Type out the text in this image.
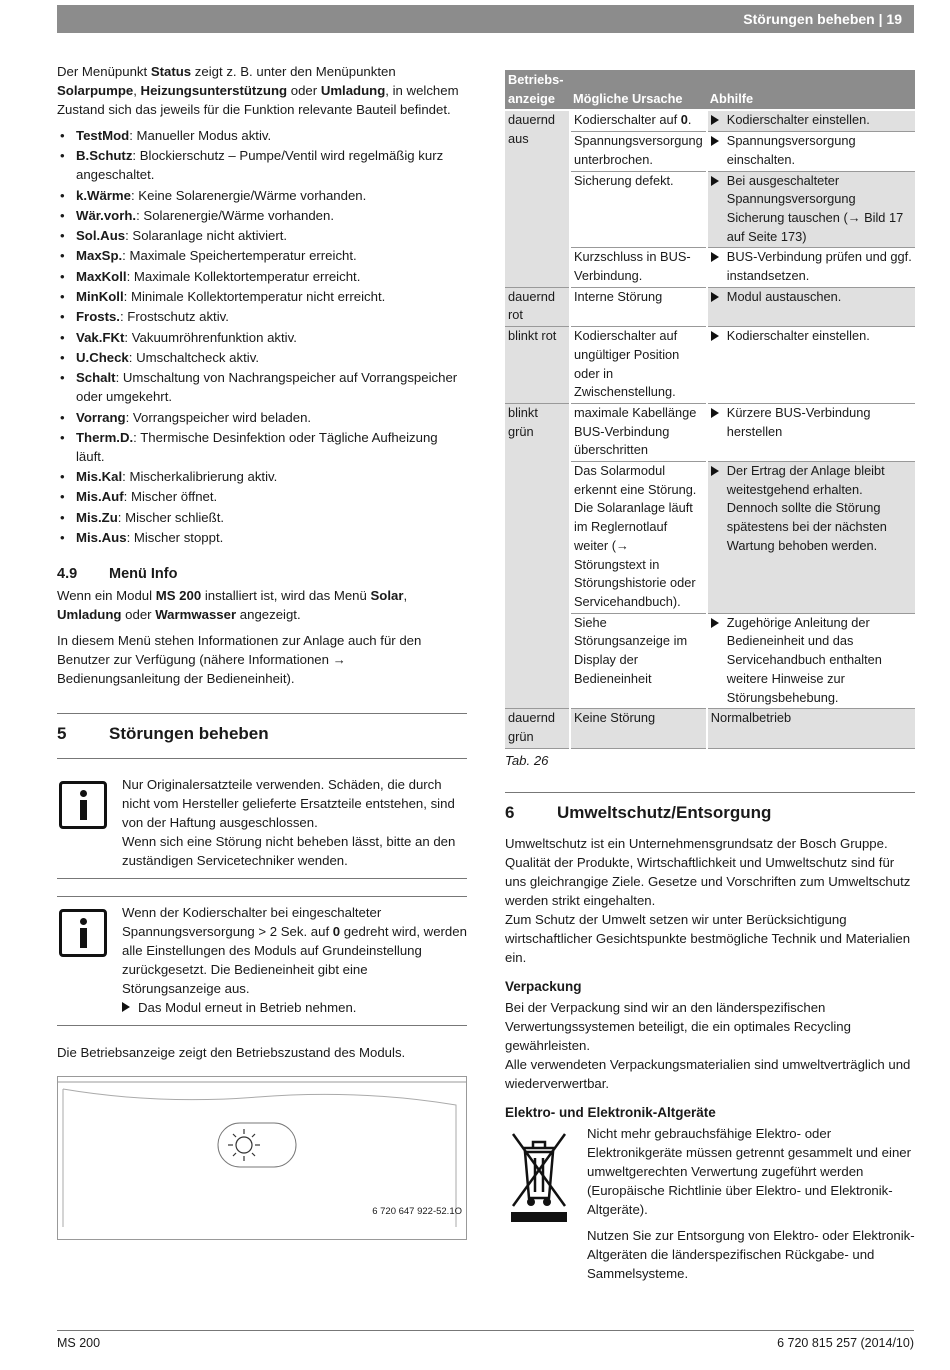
Störungen beheben | 19

Der Menüpunkt Status zeigt z. B. unter den Menüpunkten Solarpumpe, Heizungsunterstützung oder Umladung, in welchem Zustand sich das jeweils für die Funktion relevante Bauteil befindet.

• TestMod: Manueller Modus aktiv.
• B.Schutz: Blockierschutz – Pumpe/Ventil wird regelmäßig kurz angeschaltet.
• k.Wärme: Keine Solarenergie/Wärme vorhanden.
• Wär.vorh.: Solarenergie/Wärme vorhanden.
• Sol.Aus: Solaranlage nicht aktiviert.
• MaxSp.: Maximale Speichertemperatur erreicht.
• MaxKoll: Maximale Kollektortemperatur erreicht.
• MinKoll: Minimale Kollektortemperatur nicht erreicht.
• Frosts.: Frostschutz aktiv.
• Vak.FKt: Vakuumröhrenfunktion aktiv.
• U.Check: Umschaltcheck aktiv.
• Schalt: Umschaltung von Nachrangspeicher auf Vorrangspeicher oder umgekehrt.
• Vorrang: Vorrangspeicher wird beladen.
• Therm.D.: Thermische Desinfektion oder Tägliche Aufheizung läuft.
• Mis.Kal: Mischerkalibrierung aktiv.
• Mis.Auf: Mischer öffnet.
• Mis.Zu: Mischer schließt.
• Mis.Aus: Mischer stoppt.
4.9 Menü Info

Wenn ein Modul MS 200 installiert ist, wird das Menü Solar, Umladung oder Warmwasser angezeigt.

In diesem Menü stehen Informationen zur Anlage auch für den Benutzer zur Verfügung (nähere Informationen → Bedienungsanleitung der Bedieneinheit).

5	Störungen beheben
Nur Originalersatzteile verwenden. Schäden, die durch nicht vom Hersteller gelieferte Ersatzteile entstehen, sind von der Haftung ausgeschlossen.
Wenn sich eine Störung nicht beheben lässt, bitte an den zuständigen Servicetechniker wenden.
Wenn der Kodierschalter bei eingeschalteter Spannungsversorgung > 2 Sek. auf 0 gedreht wird, werden alle Einstellungen des Moduls auf Grundeinstellung zurückgesetzt. Die Bedieneinheit gibt eine Störungsanzeige aus.
Das Modul erneut in Betrieb nehmen.

Die Betriebsanzeige zeigt den Betriebszustand des Moduls.

6 720 647 922-52.1O
Betriebs-
anzeige	Mögliche Ursache	Abhilfe
dauernd aus	Kodierschalter auf 0.	Kodierschalter einstellen.

	Spannungsversorgung unterbrochen.	Spannungsversorgung einschalten.

	Sicherung defekt.	Bei ausgeschalteter Spannungsversorgung Sicherung tauschen (→ Bild 17 auf Seite 173)

	Kurzschluss in BUS-Verbindung.	BUS-Verbindung prüfen und ggf. instandsetzen.

dauernd rot	Interne Störung	Modul austauschen.

blinkt rot	Kodierschalter auf ungültiger Position oder in Zwischenstellung.	Kodierschalter einstellen.

blinkt grün	maximale Kabellänge BUS-Verbindung überschritten	Kürzere BUS-Verbindung herstellen

	Das Solarmodul erkennt eine Störung. Die Solaranlage läuft im Reglernotlauf weiter (→ Störungstext in Störungshistorie oder Servicehandbuch).	Der Ertrag der Anlage bleibt weitestgehend erhalten. Dennoch sollte die Störung spätestens bei der nächsten Wartung behoben werden.

	Siehe Störungsanzeige im Display der Bedieneinheit	Zugehörige Anleitung der Bedieneinheit und das Servicehandbuch enthalten weitere Hinweise zur Störungsbehebung.

dauernd grün	Keine Störung	Normalbetrieb
Tab. 26
6	Umweltschutz/Entsorgung

Umweltschutz ist ein Unternehmensgrundsatz der Bosch Gruppe. Qualität der Produkte, Wirtschaftlichkeit und Umweltschutz sind für uns gleichrangige Ziele. Gesetze und Vorschriften zum Umweltschutz werden strikt eingehalten.

Zum Schutz der Umwelt setzen wir unter Berücksichtigung wirtschaftlicher Gesichtspunkte bestmögliche Technik und Materialien ein.

Verpackung

Bei der Verpackung sind wir an den länderspezifischen Verwertungssystemen beteiligt, die ein optimales Recycling gewährleisten.

Alle verwendeten Verpackungsmaterialien sind umweltverträglich und wiederverwertbar.

Elektro- und Elektronik-Altgeräte

Nicht mehr gebrauchsfähige Elektro- oder Elektronikgeräte müssen getrennt gesammelt und einer umweltgerechten Verwertung zugeführt werden (Europäische Richtlinie über Elektro- und Elektronik-Altgeräte).

Nutzen Sie zur Entsorgung von Elektro- oder Elektronik-Altgeräten die länderspezifischen Rückgabe- und Sammelsysteme.

MS 200	6 720 815 257 (2014/10)
